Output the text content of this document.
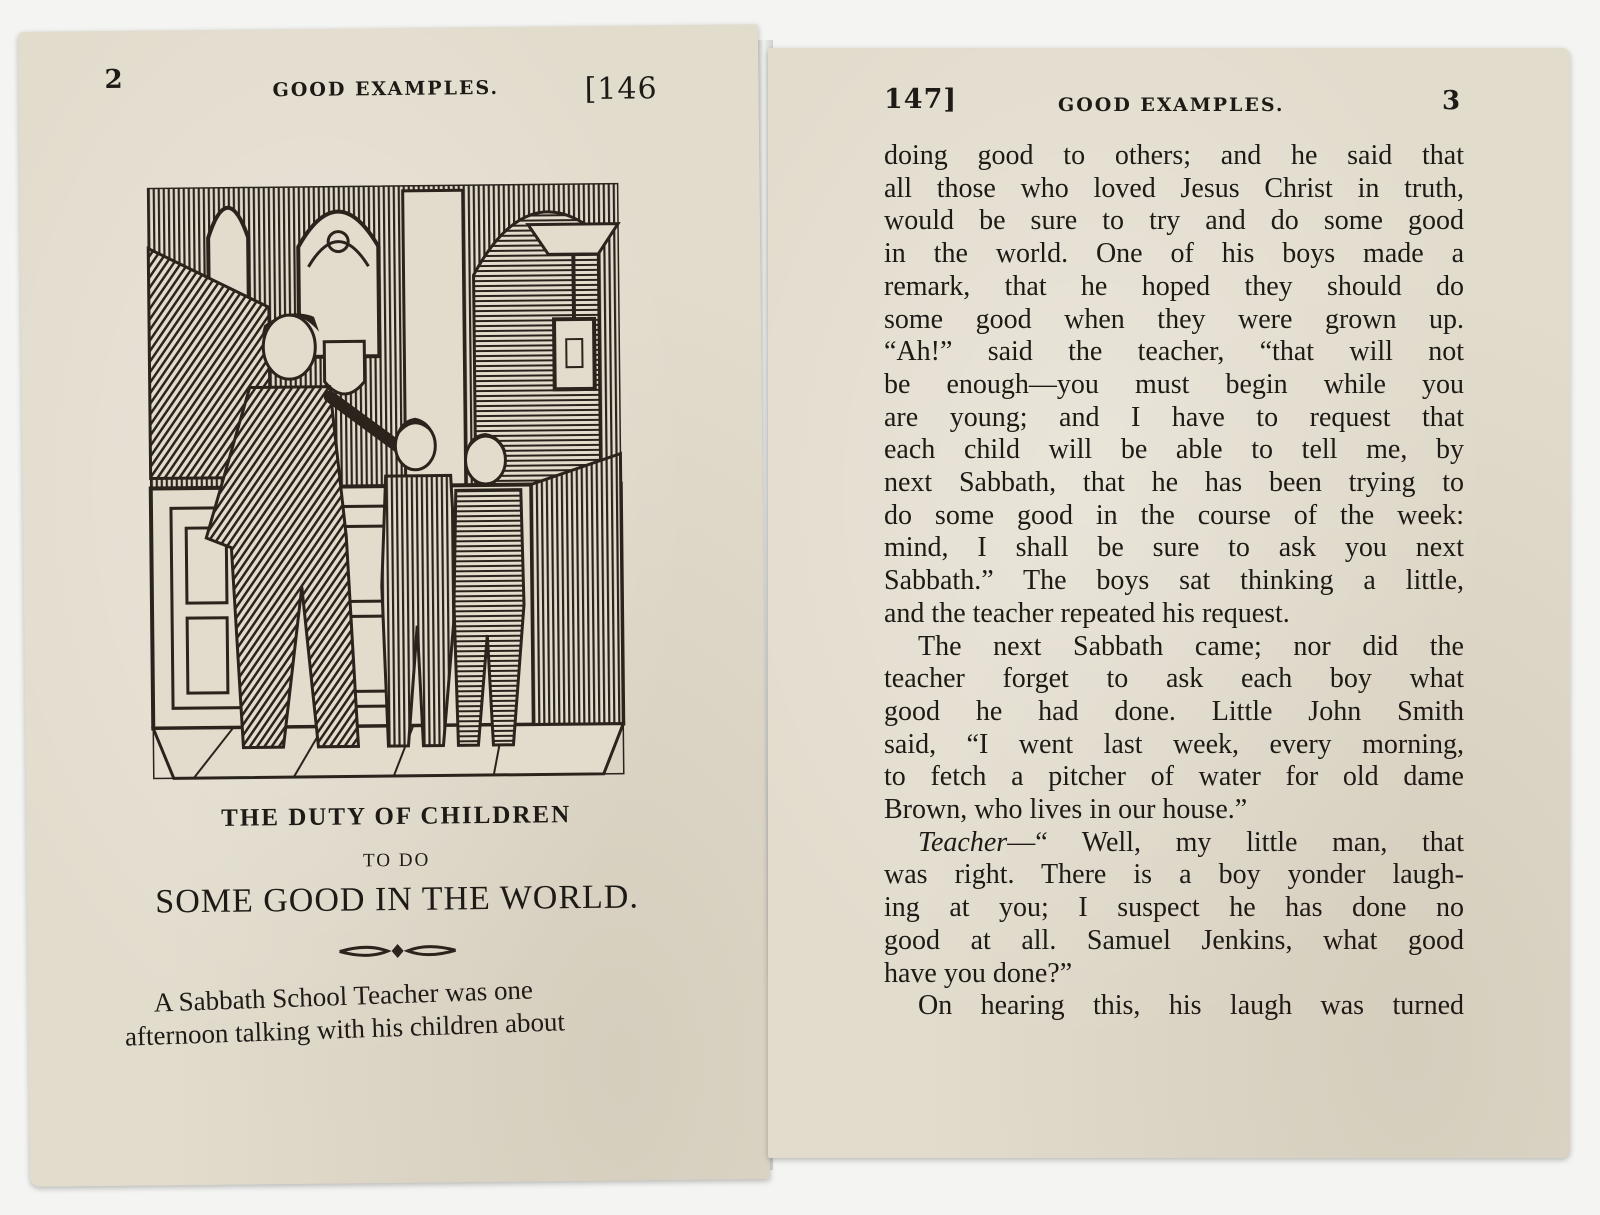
2	GOOD EXAMPLES.	[146
THE DUTY OF CHILDREN
TO DO
SOME GOOD IN THE WORLD.
A Sabbath School Teacher was one
afternoon talking with his children about
147]	GOOD EXAMPLES.	3
doing good to others; and he said that
all those who loved Jesus Christ in truth,
would be sure to try and do some good
in the world. One of his boys made a
remark, that he hoped they should do
some good when they were grown up.
“Ah!” said the teacher, “that will not
be enough—you must begin while you
are young; and I have to request that
each child will be able to tell me, by
next Sabbath, that he has been trying to
do some good in the course of the week:
mind, I shall be sure to ask you next
Sabbath.” The boys sat thinking a little,
and the teacher repeated his request.
The next Sabbath came; nor did the
teacher forget to ask each boy what
good he had done. Little John Smith
said, “I went last week, every morning,
to fetch a pitcher of water for old dame
Brown, who lives in our house.”
Teacher —“ Well, my little man, that
was right. There is a boy yonder laugh-
ing at you; I suspect he has done no
good at all. Samuel Jenkins, what good
have you done?”
On hearing this, his laugh was turned
